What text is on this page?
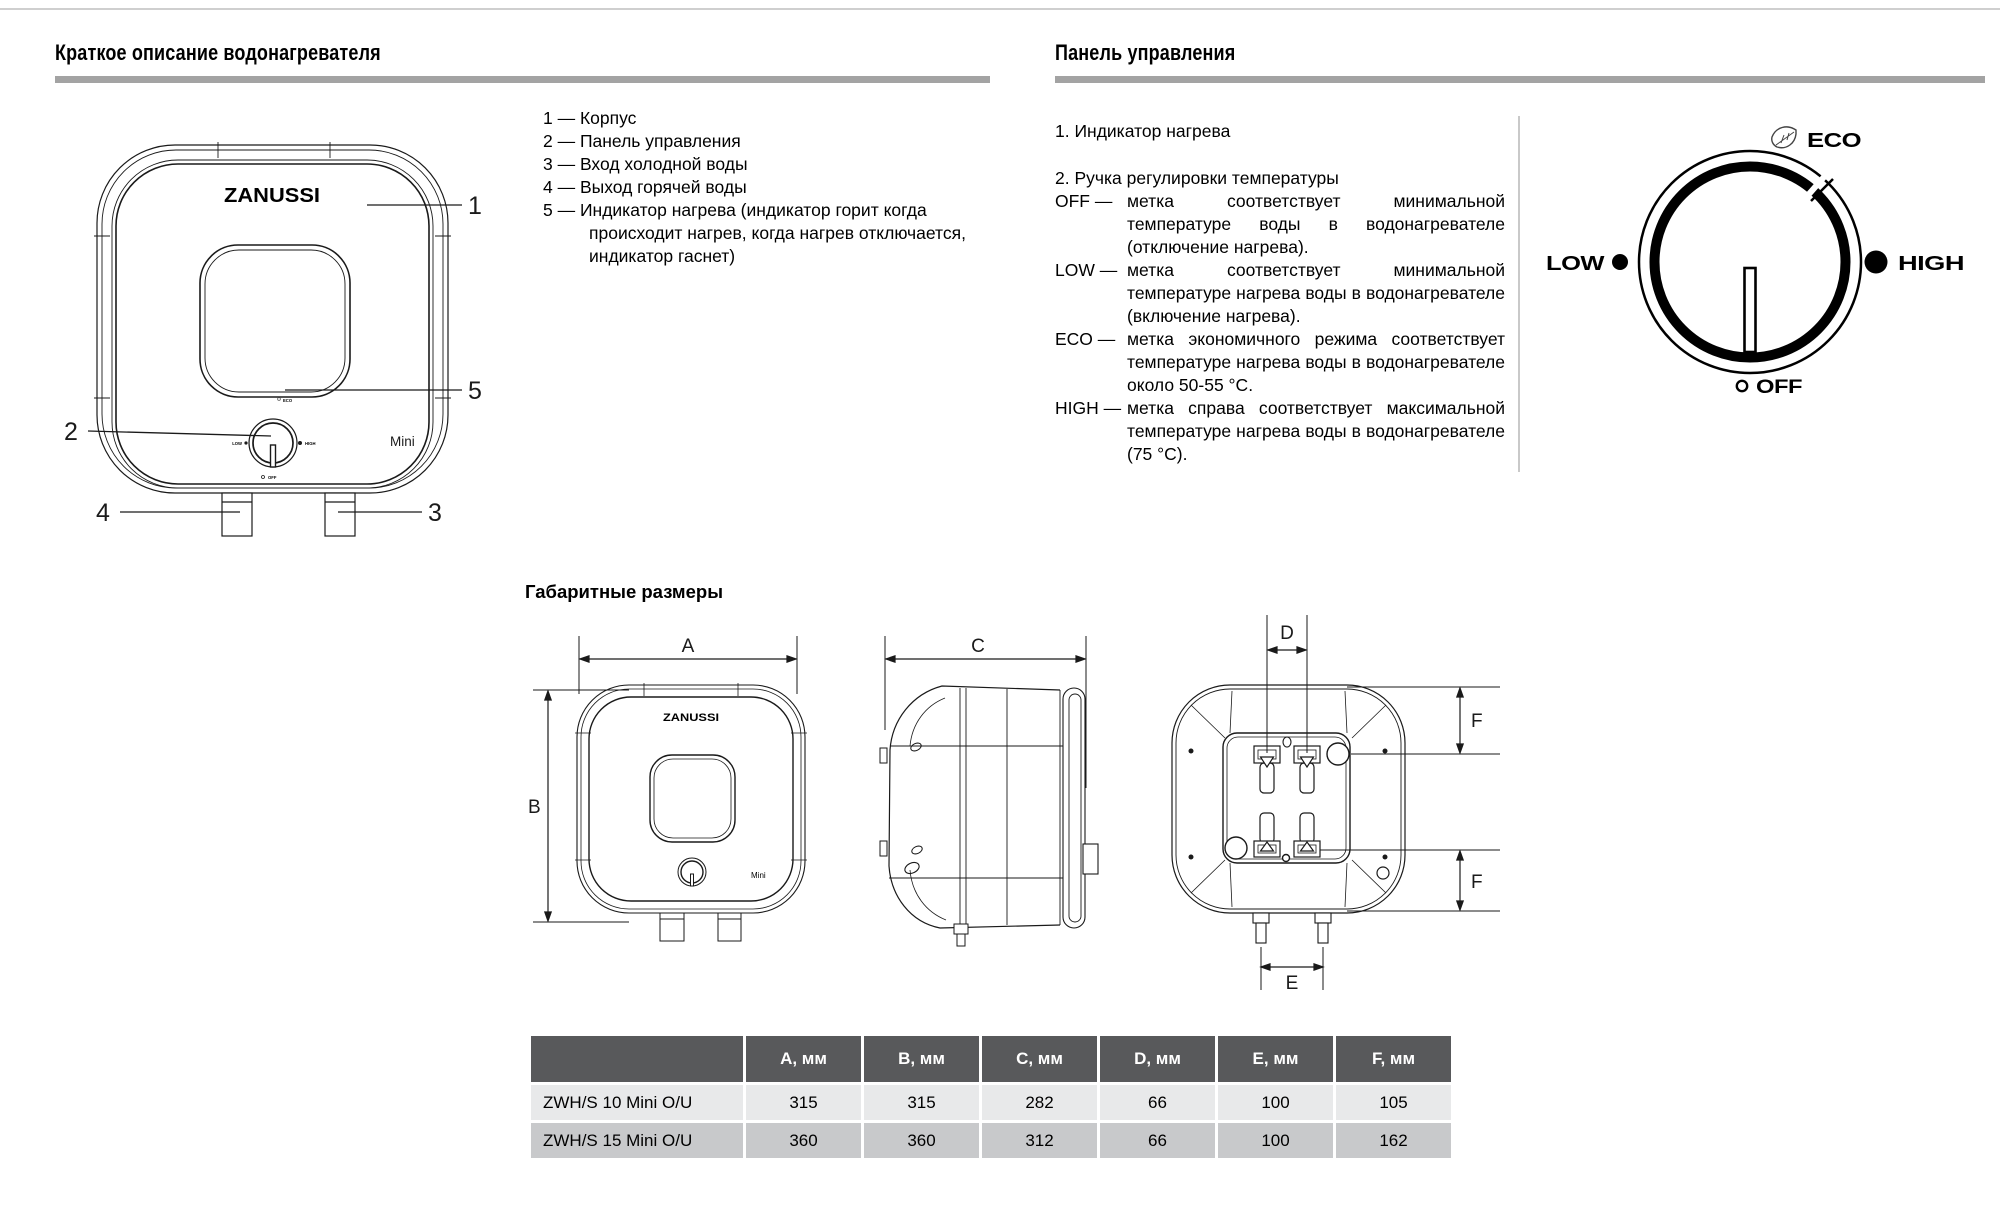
Краткое описание водонагревателя	Панель управления
ZANUSSI
ECO
LOW	HIGH
OFF
Mini
1
5
2
4	3
1 — Корпус
2 — Панель управления
3 — Вход холодной воды
4 — Выход горячей воды
5 — Индикатор нагрева (индикатор горит когда происходит нагрев, когда нагрев отключается, индикатор гаснет)
1. Индикатор нагрева
2. Ручка регулировки температуры
OFF — метка соответствует минимальной температуре воды в водонагревателе (отключение нагрева).
LOW — метка соответствует минимальной температуре нагрева воды в водонагревателе (включение нагрева).
ECO — метка экономичного режима соответствует температуре нагрева воды в водонагревателе около 50-55 °C.
HIGH — метка справа соответствует максимальной температуре нагрева воды в водонагревателе (75 °C).
ECO
HIGH
LOW
OFF
Габаритные размеры
A
B
ZANUSSI
Mini
C
D
F
F
E
	A, мм	B, мм	C, мм	D, мм	E, мм	F, мм
ZWH/S 10 Mini O/U	315	315	282	66	100	105
ZWH/S 15 Mini O/U	360	360	312	66	100	162
